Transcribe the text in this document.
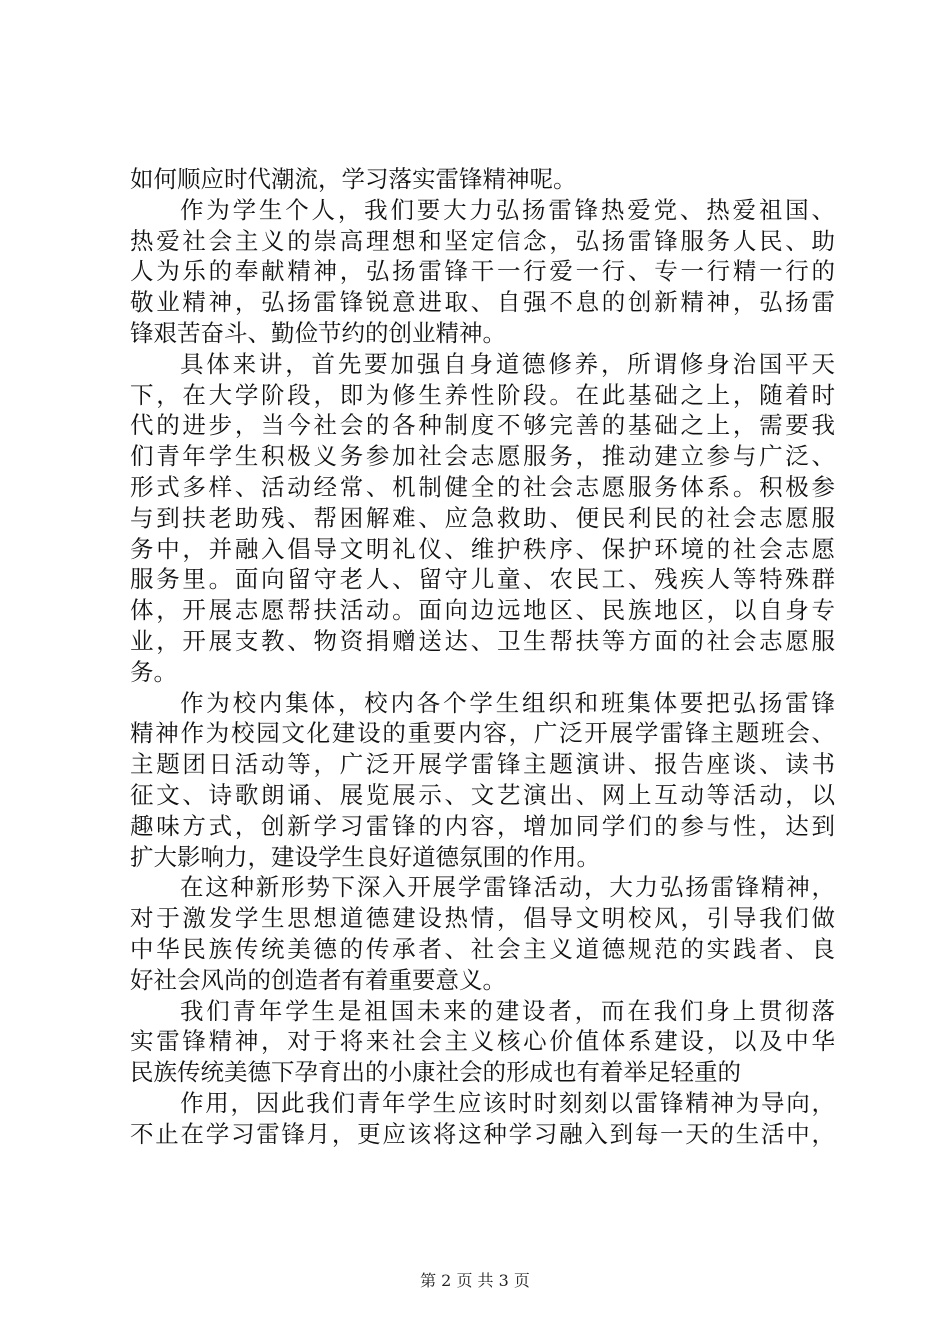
如何顺应时代潮流，学习落实雷锋精神呢。
作为学生个人，我们要大力弘扬雷锋热爱党、热爱祖国、
热爱社会主义的崇高理想和坚定信念，弘扬雷锋服务人民、助
人为乐的奉献精神，弘扬雷锋干一行爱一行、专一行精一行的
敬业精神，弘扬雷锋锐意进取、自强不息的创新精神，弘扬雷
锋艰苦奋斗、勤俭节约的创业精神。
具体来讲，首先要加强自身道德修养，所谓修身治国平天
下，在大学阶段，即为修生养性阶段。在此基础之上，随着时
代的进步，当今社会的各种制度不够完善的基础之上，需要我
们青年学生积极义务参加社会志愿服务，推动建立参与广泛、
形式多样、活动经常、机制健全的社会志愿服务体系。积极参
与到扶老助残、帮困解难、应急救助、便民利民的社会志愿服
务中，并融入倡导文明礼仪、维护秩序、保护环境的社会志愿
服务里。面向留守老人、留守儿童、农民工、残疾人等特殊群
体，开展志愿帮扶活动。面向边远地区、民族地区，以自身专
业，开展支教、物资捐赠送达、卫生帮扶等方面的社会志愿服
务。
作为校内集体，校内各个学生组织和班集体要把弘扬雷锋
精神作为校园文化建设的重要内容，广泛开展学雷锋主题班会、
主题团日活动等，广泛开展学雷锋主题演讲、报告座谈、读书
征文、诗歌朗诵、展览展示、文艺演出、网上互动等活动，以
趣味方式，创新学习雷锋的内容，增加同学们的参与性，达到
扩大影响力，建设学生良好道德氛围的作用。
在这种新形势下深入开展学雷锋活动，大力弘扬雷锋精神，
对于激发学生思想道德建设热情，倡导文明校风，引导我们做
中华民族传统美德的传承者、社会主义道德规范的实践者、良
好社会风尚的创造者有着重要意义。
我们青年学生是祖国未来的建设者，而在我们身上贯彻落
实雷锋精神，对于将来社会主义核心价值体系建设，以及中华
民族传统美德下孕育出的小康社会的形成也有着举足轻重的
作用，因此我们青年学生应该时时刻刻以雷锋精神为导向，
不止在学习雷锋月，更应该将这种学习融入到每一天的生活中，
第 2 页 共 3 页
